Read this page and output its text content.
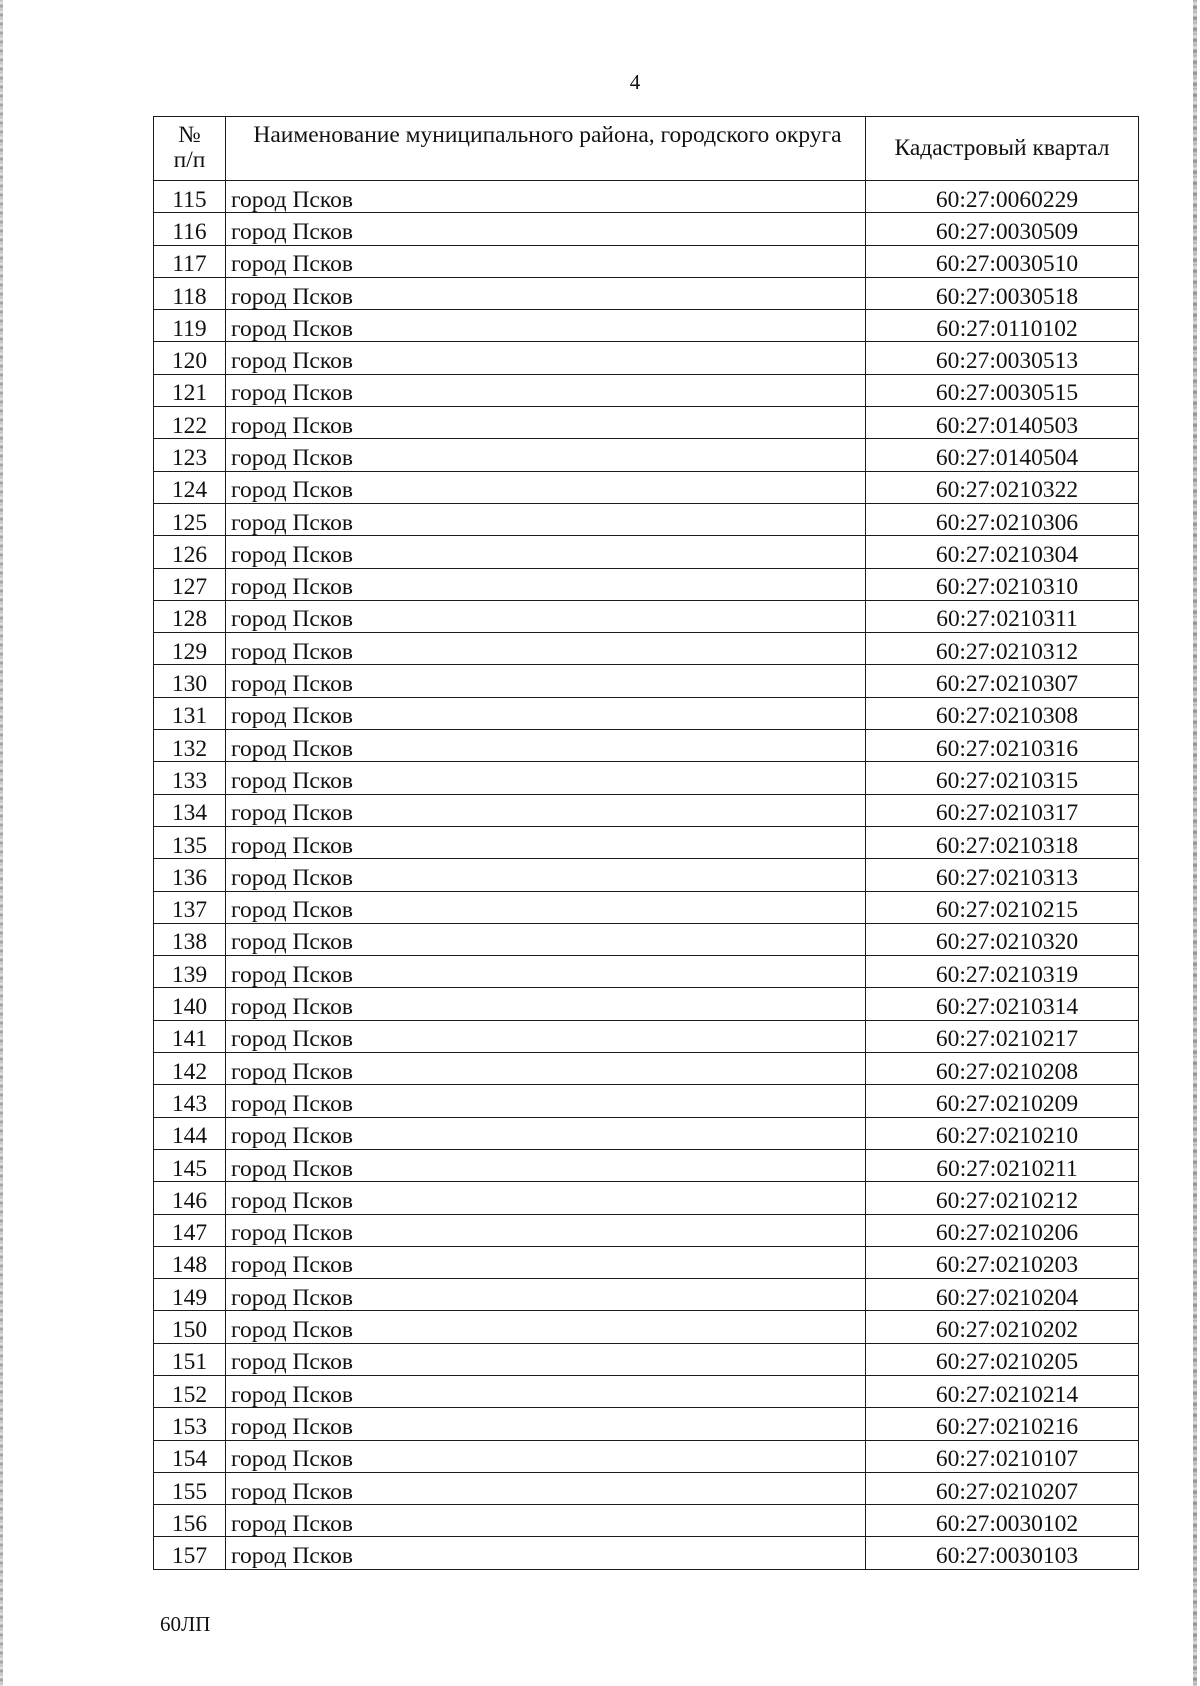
4
№
п/п	Наименование муниципального района, городского округа	Кадастровый квартал
115	город Псков	60:27:0060229
116	город Псков	60:27:0030509
117	город Псков	60:27:0030510
118	город Псков	60:27:0030518
119	город Псков	60:27:0110102
120	город Псков	60:27:0030513
121	город Псков	60:27:0030515
122	город Псков	60:27:0140503
123	город Псков	60:27:0140504
124	город Псков	60:27:0210322
125	город Псков	60:27:0210306
126	город Псков	60:27:0210304
127	город Псков	60:27:0210310
128	город Псков	60:27:0210311
129	город Псков	60:27:0210312
130	город Псков	60:27:0210307
131	город Псков	60:27:0210308
132	город Псков	60:27:0210316
133	город Псков	60:27:0210315
134	город Псков	60:27:0210317
135	город Псков	60:27:0210318
136	город Псков	60:27:0210313
137	город Псков	60:27:0210215
138	город Псков	60:27:0210320
139	город Псков	60:27:0210319
140	город Псков	60:27:0210314
141	город Псков	60:27:0210217
142	город Псков	60:27:0210208
143	город Псков	60:27:0210209
144	город Псков	60:27:0210210
145	город Псков	60:27:0210211
146	город Псков	60:27:0210212
147	город Псков	60:27:0210206
148	город Псков	60:27:0210203
149	город Псков	60:27:0210204
150	город Псков	60:27:0210202
151	город Псков	60:27:0210205
152	город Псков	60:27:0210214
153	город Псков	60:27:0210216
154	город Псков	60:27:0210107
155	город Псков	60:27:0210207
156	город Псков	60:27:0030102
157	город Псков	60:27:0030103
60ЛП
